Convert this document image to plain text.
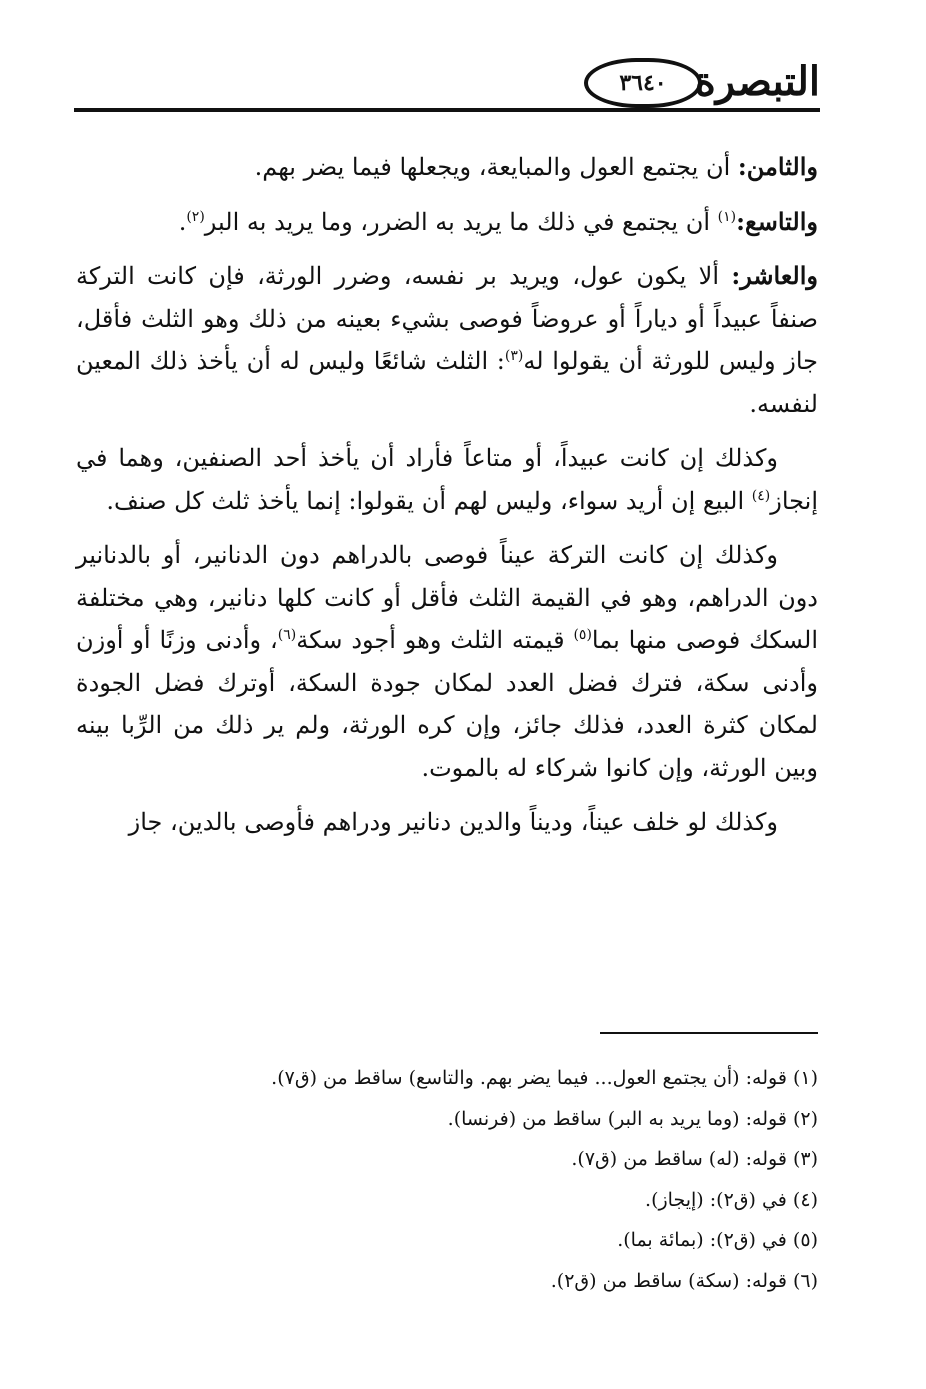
التبصرة
٣٦٤٠

والثامن: أن يجتمع العول والمبايعة، ويجعلها فيما يضر بهم.

والتاسع:$^{(١)}$ أن يجتمع في ذلك ما يريد به الضرر، وما يريد به البر$^{(٢)}$.

والعاشر: ألا يكون عول، ويريد بر نفسه، وضرر الورثة، فإن كانت التركة صنفاً عبيداً أو دياراً أو عروضاً فوصى بشيء بعينه من ذلك وهو الثلث فأقل، جاز وليس للورثة أن يقولوا له$^{(٣)}$: الثلث شائعًا وليس له أن يأخذ ذلك المعين لنفسه.

وكذلك إن كانت عبيداً، أو متاعاً فأراد أن يأخذ أحد الصنفين، وهما في إنجاز$^{(٤)}$ البيع إن أريد سواء، وليس لهم أن يقولوا: إنما يأخذ ثلث كل صنف.

وكذلك إن كانت التركة عيناً فوصى بالدراهم دون الدنانير، أو بالدنانير دون الدراهم، وهو في القيمة الثلث فأقل أو كانت كلها دنانير، وهي مختلفة السكك فوصى منها بما$^{(٥)}$ قيمته الثلث وهو أجود سكة$^{(٦)}$، وأدنى وزنًا أو أوزن وأدنى سكة، فترك فضل العدد لمكان جودة السكة، أوترك فضل الجودة لمكان كثرة العدد، فذلك جائز، وإن كره الورثة، ولم ير ذلك من الرِّبا بينه وبين الورثة، وإن كانوا شركاء له بالموت.

وكذلك لو خلف عيناً، وديناً والدين دنانير ودراهم فأوصى بالدين، جاز

(١) قوله: (أن يجتمع العول... فيما يضر بهم. والتاسع) ساقط من (ق٧).

(٢) قوله: (وما يريد به البر) ساقط من (فرنسا).

(٣) قوله: (له) ساقط من (ق٧).

(٤) في (ق٢): (إيجاز).

(٥) في (ق٢): (بمائة بما).

(٦) قوله: (سكة) ساقط من (ق٢).
